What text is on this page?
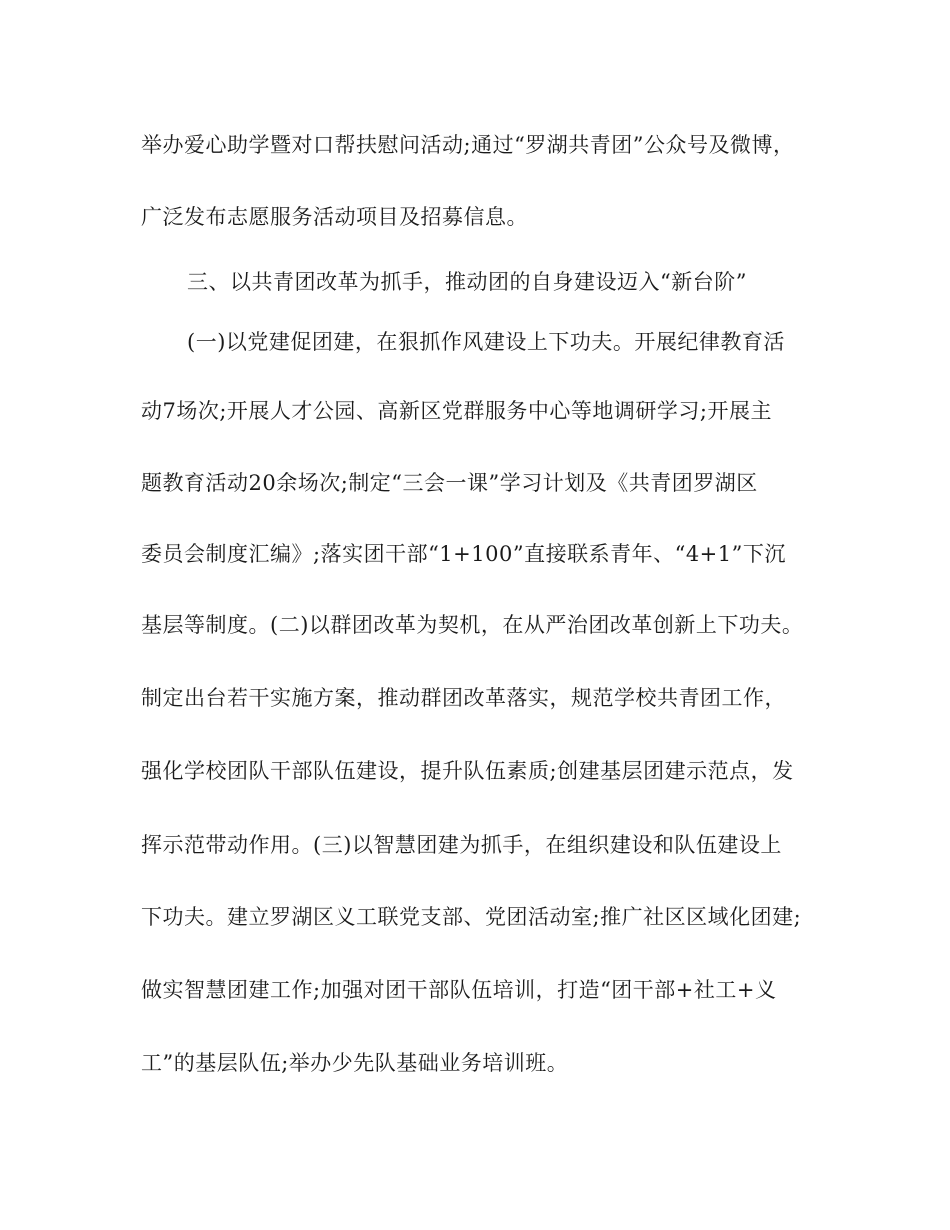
举办爱心助学暨对口帮扶慰问活动;通过“罗湖共青团”公众号及微博，
广泛发布志愿服务活动项目及招募信息。
三、以共青团改革为抓手，推动团的自身建设迈入“新台阶”
(一)以党建促团建，在狠抓作风建设上下功夫。开展纪律教育活
动7场次;开展人才公园、高新区党群服务中心等地调研学习;开展主
题教育活动20余场次;制定“三会一课”学习计划及《共青团罗湖区
委员会制度汇编》;落实团干部“1+100”直接联系青年、“4+1”下沉
基层等制度。(二)以群团改革为契机，在从严治团改革创新上下功夫。
制定出台若干实施方案，推动群团改革落实，规范学校共青团工作，
强化学校团队干部队伍建设，提升队伍素质;创建基层团建示范点，发
挥示范带动作用。(三)以智慧团建为抓手，在组织建设和队伍建设上
下功夫。建立罗湖区义工联党支部、党团活动室;推广社区区域化团建;
做实智慧团建工作;加强对团干部队伍培训，打造“团干部+社工+义
工”的基层队伍;举办少先队基础业务培训班。
